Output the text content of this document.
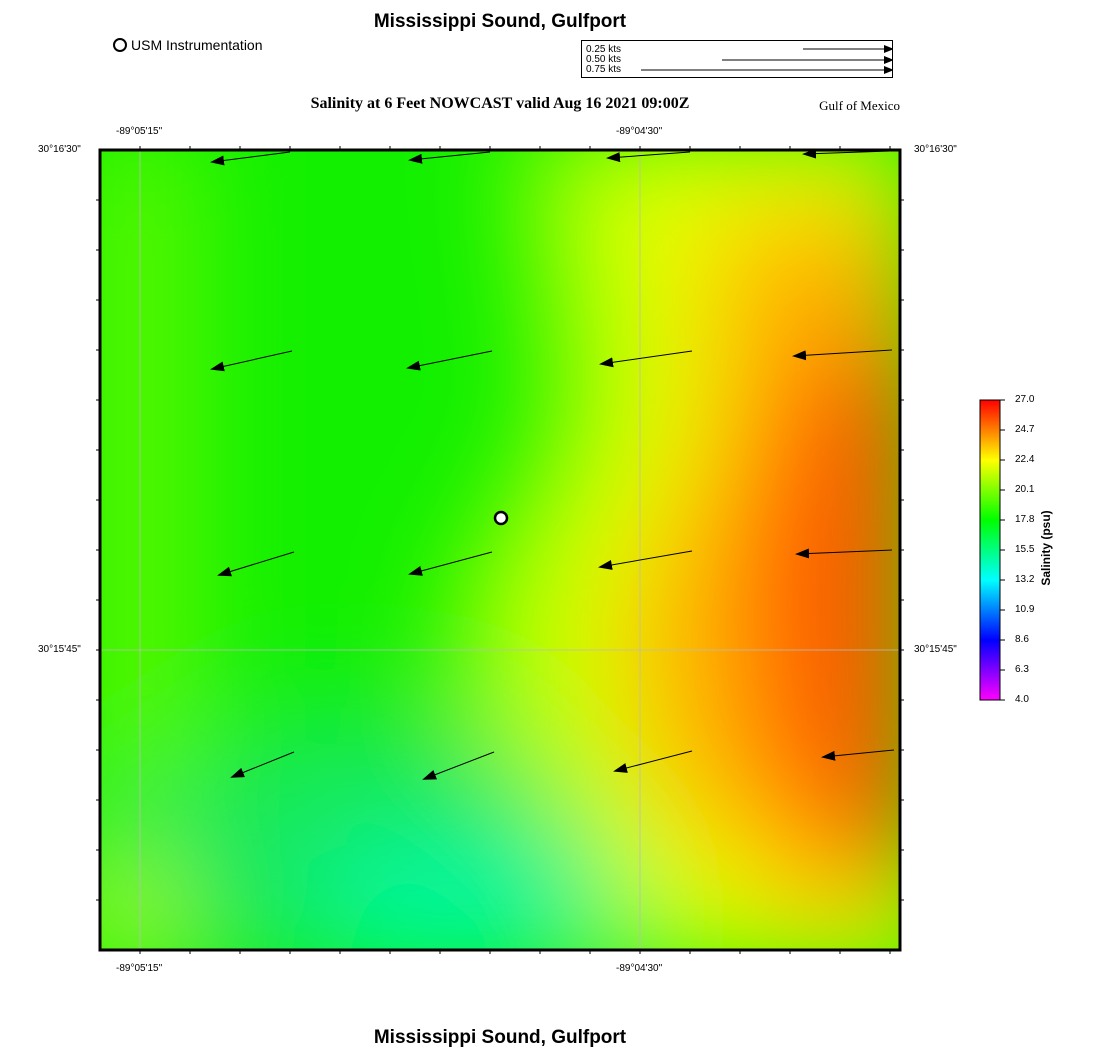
Mississippi Sound, Gulfport
Salinity at 6 Feet NOWCAST valid Aug 16 2021 09:00Z	Gulf of Mexico
Mississippi Sound, Gulfport
USM Instrumentation	0.25 kts
0.50 kts
0.75 kts
-89°05'15"	-89°04'30"
-89°05'15"	-89°04'30"
30°16'30"
30°15'45"
30°16'30"
30°15'45"
27.0
24.7
22.4
20.1
17.8
15.5
13.2
10.9
8.6
6.3
4.0
Salinity (psu)
